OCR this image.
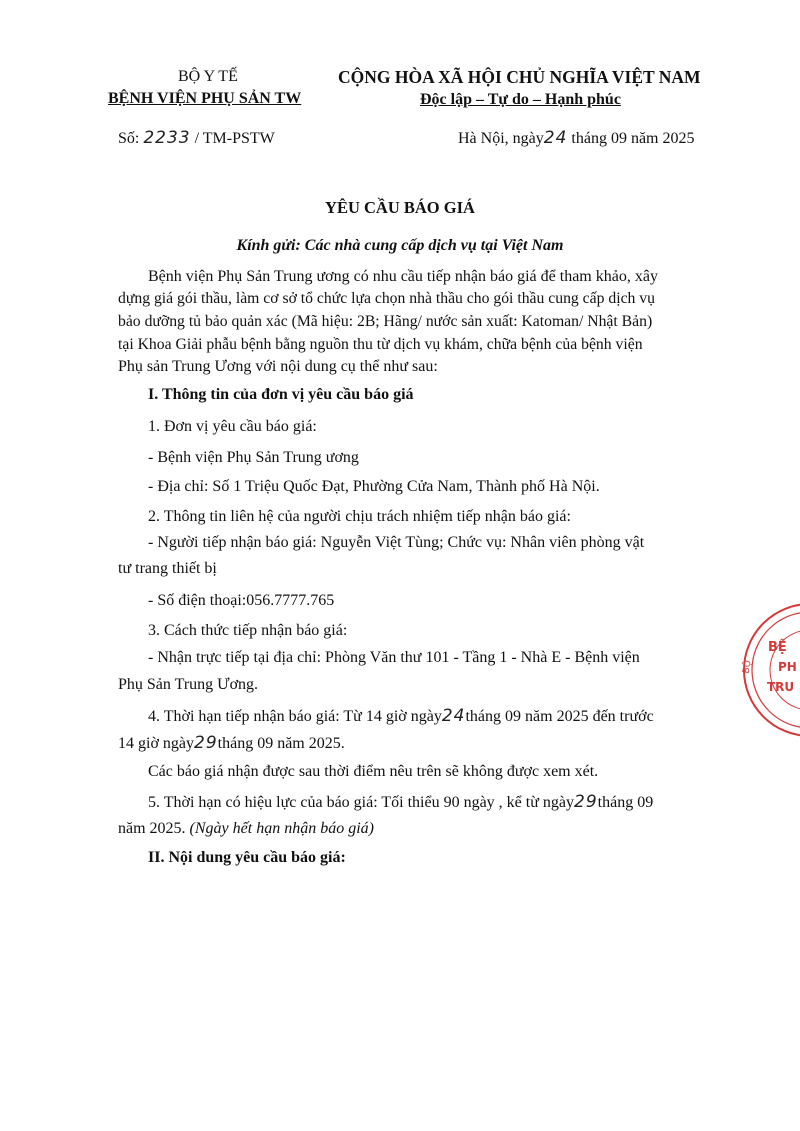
BỘ Y TẾ
BỆNH VIỆN PHỤ SẢN TW
CỘNG HÒA XÃ HỘI CHỦ NGHĨA VIỆT NAM
Độc lập – Tự do – Hạnh phúc
Số: 2233 / TM-PSTW	Hà Nội, ngày24 tháng 09 năm 2025
YÊU CẦU BÁO GIÁ
Kính gửi: Các nhà cung cấp dịch vụ tại Việt Nam
Bệnh viện Phụ Sản Trung ương có nhu cầu tiếp nhận báo giá để tham khảo, xây
dựng giá gói thầu, làm cơ sở tổ chức lựa chọn nhà thầu cho gói thầu cung cấp dịch vụ
bảo dưỡng tủ bảo quản xác (Mã hiệu: 2B; Hãng/ nước sản xuất: Katoman/ Nhật Bản)
tại Khoa Giải phẫu bệnh bằng nguồn thu từ dịch vụ khám, chữa bệnh của bệnh viện
Phụ sản Trung Ương với nội dung cụ thể như sau:
I. Thông tin của đơn vị yêu cầu báo giá
1. Đơn vị yêu cầu báo giá:
- Bệnh viện Phụ Sản Trung ương
- Địa chỉ: Số 1 Triệu Quốc Đạt, Phường Cửa Nam, Thành phố Hà Nội.
2. Thông tin liên hệ của người chịu trách nhiệm tiếp nhận báo giá:
- Người tiếp nhận báo giá: Nguyễn Việt Tùng; Chức vụ: Nhân viên phòng vật
tư trang thiết bị
- Số điện thoại:056.7777.765
3. Cách thức tiếp nhận báo giá:
- Nhận trực tiếp tại địa chỉ: Phòng Văn thư 101 - Tầng 1 - Nhà E - Bệnh viện
Phụ Sản Trung Ương.
4. Thời hạn tiếp nhận báo giá: Từ 14 giờ ngày24tháng 09 năm 2025 đến trước
14 giờ ngày29tháng 09 năm 2025.
Các báo giá nhận được sau thời điểm nêu trên sẽ không được xem xét.
5. Thời hạn có hiệu lực của báo giá: Tối thiểu 90 ngày , kể từ ngày29tháng 09
năm 2025. (Ngày hết hạn nhận báo giá)
II. Nội dung yêu cầu báo giá:
BỆ
PH
TRU
BỘ
